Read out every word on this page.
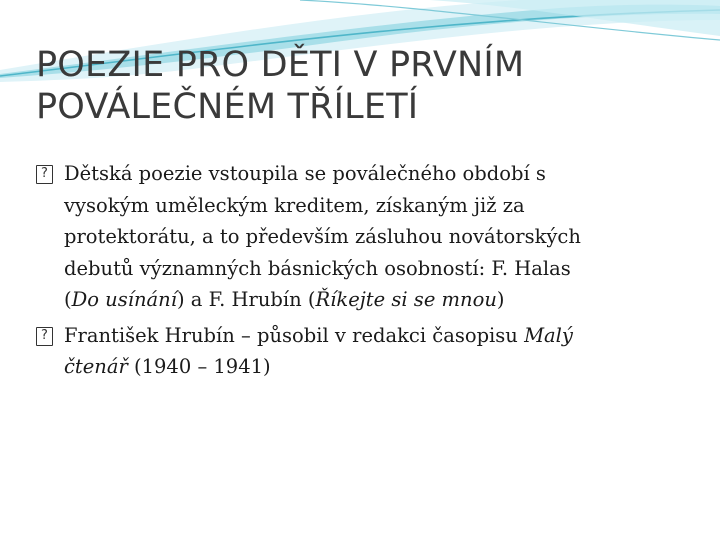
POEZIE PRO DĚTI V PRVNÍM
POVÁLEČNÉM TŘÍLETÍ

? Dětská poezie vstoupila se poválečného období s
vysokým uměleckým kreditem, získaným již za
protektorátu, a to především zásluhou novátorských
debutů významných básnických osobností: F. Halas
(Do usínání) a F. Hrubín (Říkejte si se mnou)

? František Hrubín – působil v redakci časopisu Malý
čtenář (1940 – 1941)
